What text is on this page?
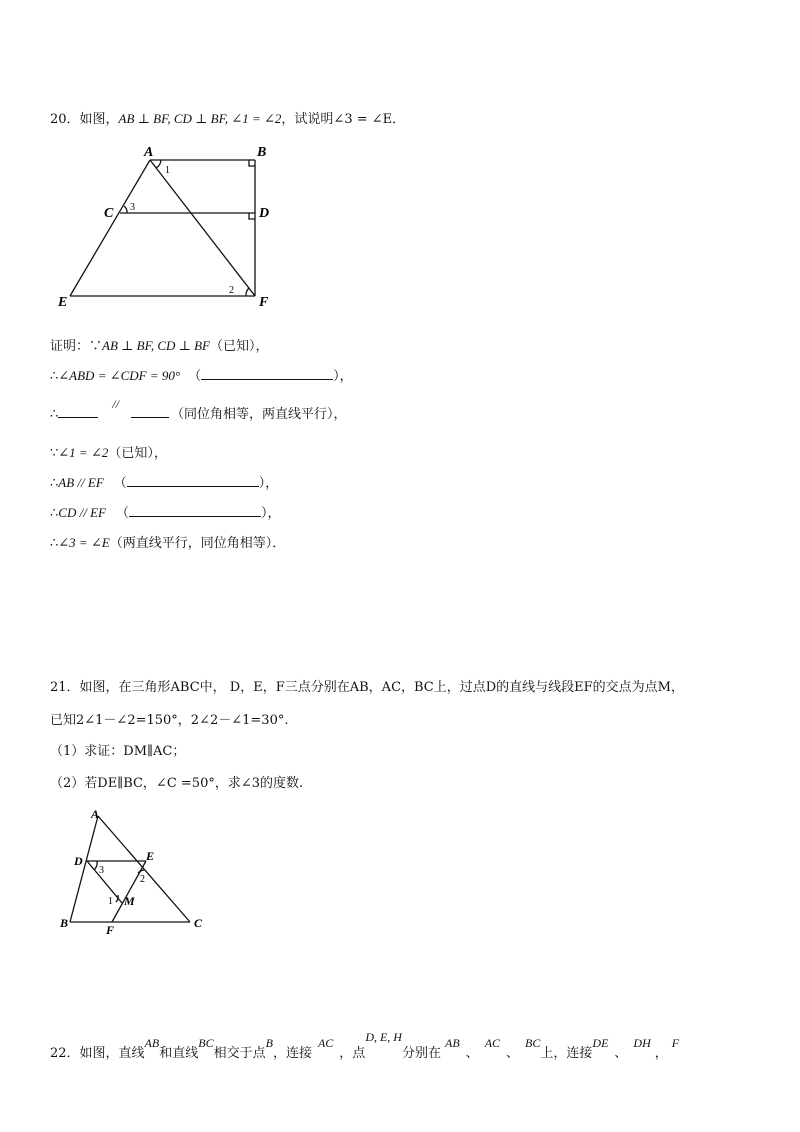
20．如图，AB ⊥ BF, CD ⊥ BF, ∠1 = ∠2，试说明∠3 = ∠E．
A	B
C	D
E	F
1
2
3
证明：∵AB ⊥ BF, CD ⊥ BF（已知），
∴∠ABD = ∠CDF = 90° （	），
∴//（同位角相等，两直线平行），
∵∠1 = ∠2（已知），
∴AB // EF （	），
∴CD // EF （	），
∴∠3 = ∠E（两直线平行，同位角相等）．
21．如图，在三角形ABC中， D，E，F三点分别在AB，AC，BC上，过点D的直线与线段EF的交点为点M，
已知2∠1－∠2=150°，2∠2－∠1=30°.
（1）求证：DM∥AC；
（2）若DE∥BC，∠C =50°，求∠3的度数.
A
B	C
D	E
F
M
1
2
3
22．如图，直线AB和直线BC相交于点B，连接AC，点D, E, H分别在AB、AC、BC上，连接DE、DH，F
